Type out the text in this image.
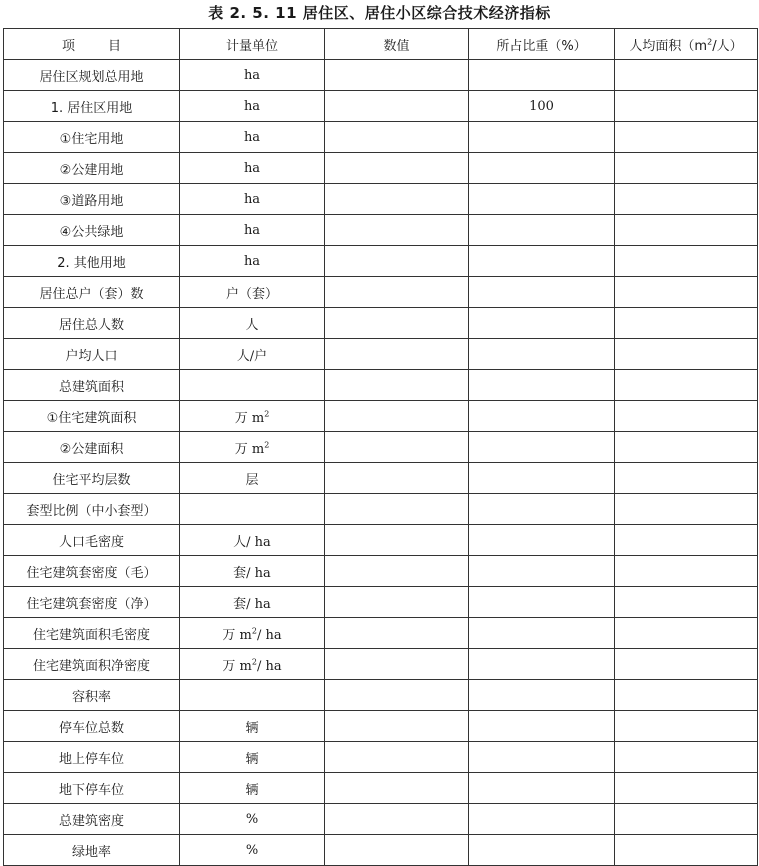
表 2. 5. 11 居住区、居住小区综合技术经济指标
项        目	计量单位	数值	所占比重（%）	人均面积（$m^2/$人）
居住区规划总用地	ha			
1. 居住区用地	ha		100	
①住宅用地	ha			
②公建用地	ha			
③道路用地	ha			
④公共绿地	ha			
2. 其他用地	ha			
居住总户（套）数	户（套）			
居住总人数	人			
户均人口	人/户			
总建筑面积				
①住宅建筑面积	万 $m^2$			
②公建面积	万 $m^2$			
住宅平均层数	层			
套型比例（中小套型）				
人口毛密度	人/ ha			
住宅建筑套密度（毛）	套/ ha			
住宅建筑套密度（净）	套/ ha			
住宅建筑面积毛密度	万 $m^2/$ ha			
住宅建筑面积净密度	万 $m^2/$ ha			
容积率				
停车位总数	辆			
地上停车位	辆			
地下停车位	辆			
总建筑密度	%			
绿地率	%			
